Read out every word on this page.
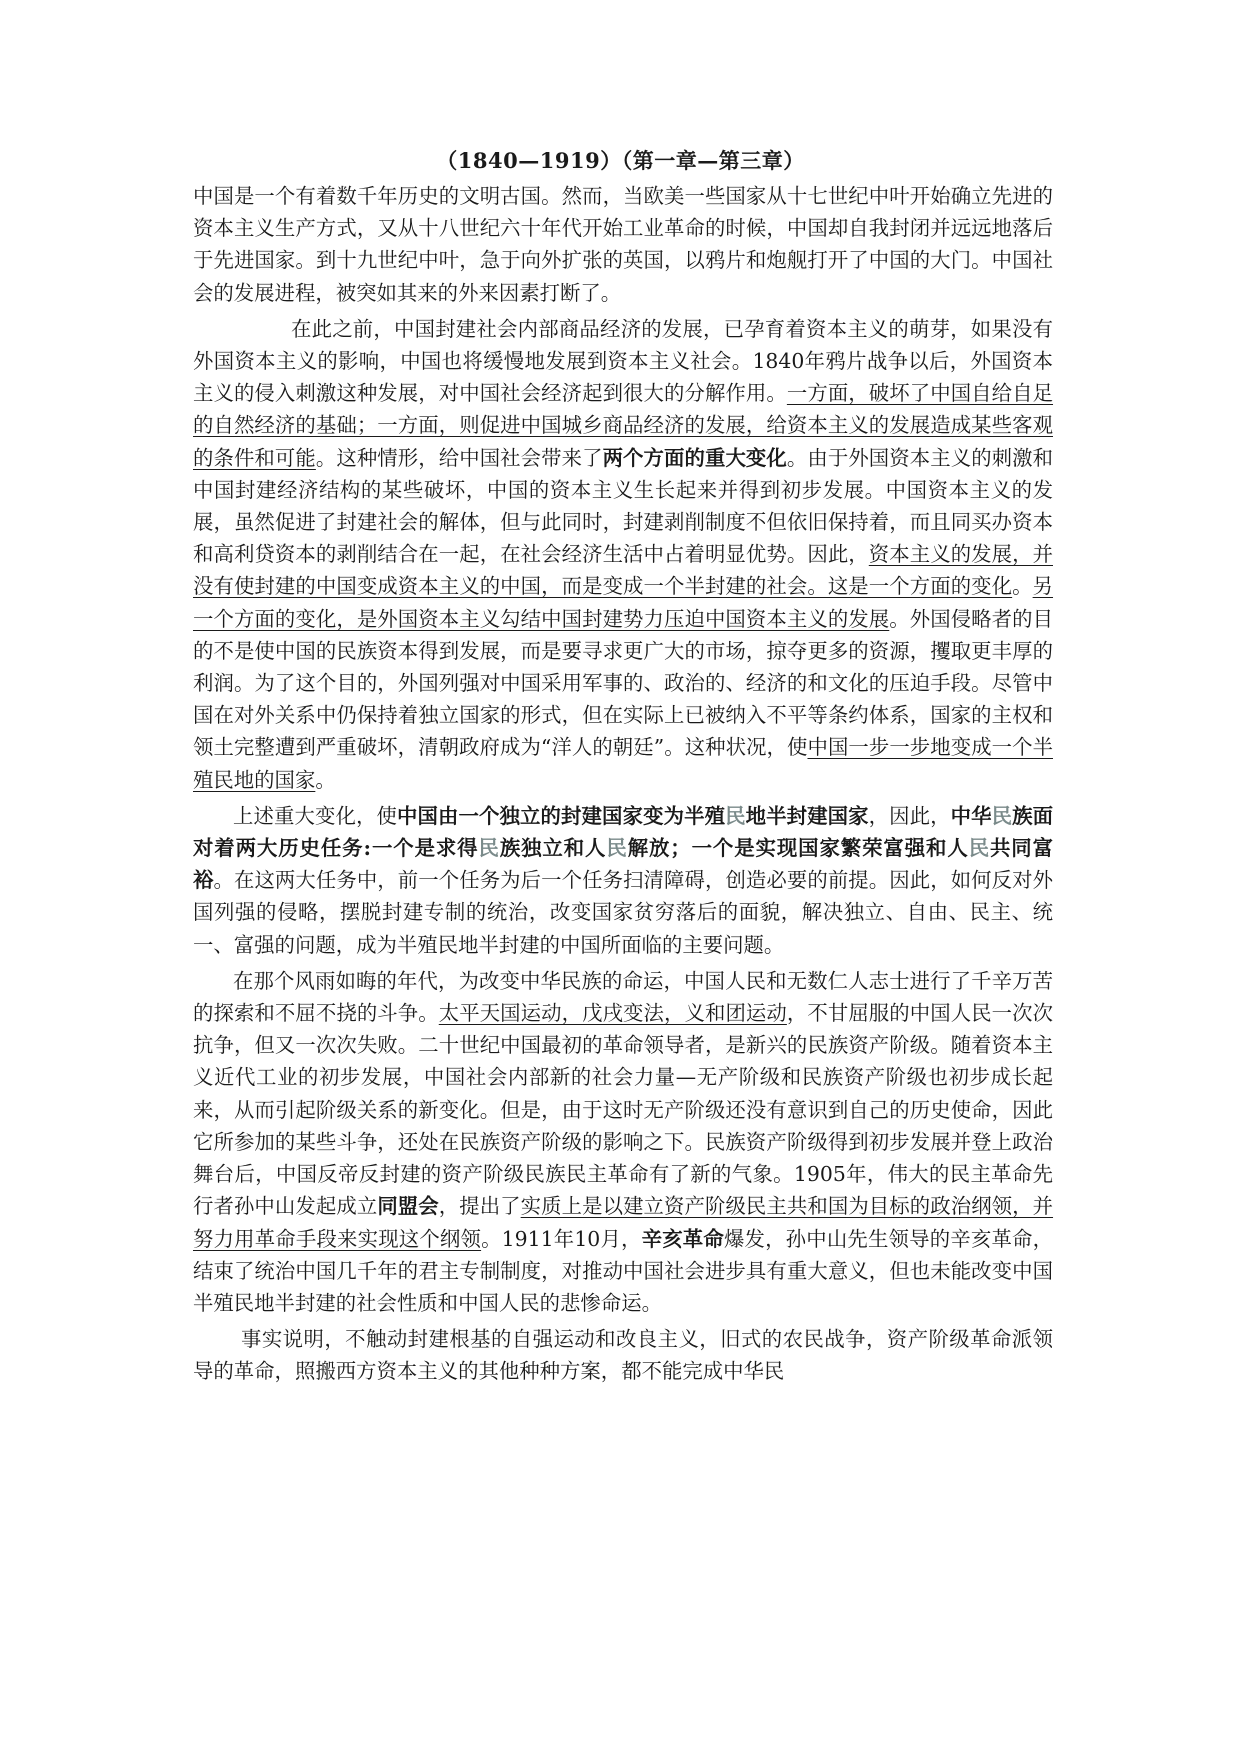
（1840—1919）（第一章—第三章）

中国是一个有着数千年历史的文明古国。然而，当欧美一些国家从十七世纪中叶开始确立先进的资本主义生产方式，又从十八世纪六十年代开始工业革命的时候，中国却自我封闭并远远地落后于先进国家。到十九世纪中叶，急于向外扩张的英国，以鸦片和炮舰打开了中国的大门。中国社会的发展进程，被突如其来的外来因素打断了。

在此之前，中国封建社会内部商品经济的发展，已孕育着资本主义的萌芽，如果没有外国资本主义的影响，中国也将缓慢地发展到资本主义社会。1840年鸦片战争以后，外国资本主义的侵入刺激这种发展，对中国社会经济起到很大的分解作用。一方面，破坏了中国自给自足的自然经济的基础；一方面，则促进中国城乡商品经济的发展，给资本主义的发展造成某些客观的条件和可能。这种情形，给中国社会带来了两个方面的重大变化。由于外国资本主义的刺激和中国封建经济结构的某些破坏，中国的资本主义生长起来并得到初步发展。中国资本主义的发展，虽然促进了封建社会的解体，但与此同时，封建剥削制度不但依旧保持着，而且同买办资本和高利贷资本的剥削结合在一起，在社会经济生活中占着明显优势。因此，资本主义的发展，并没有使封建的中国变成资本主义的中国，而是变成一个半封建的社会。这是一个方面的变化。另一个方面的变化，是外国资本主义勾结中国封建势力压迫中国资本主义的发展。外国侵略者的目的不是使中国的民族资本得到发展，而是要寻求更广大的市场，掠夺更多的资源，攫取更丰厚的利润。为了这个目的，外国列强对中国采用军事的、政治的、经济的和文化的压迫手段。尽管中国在对外关系中仍保持着独立国家的形式，但在实际上已被纳入不平等条约体系，国家的主权和领土完整遭到严重破坏，清朝政府成为“洋人的朝廷”。这种状况，使中国一步一步地变成一个半殖民地的国家。

上述重大变化，使中国由一个独立的封建国家变为半殖民地半封建国家，因此，中华民族面对着两大历史任务:一个是求得民族独立和人民解放；一个是实现国家繁荣富强和人民共同富裕。在这两大任务中，前一个任务为后一个任务扫清障碍，创造必要的前提。因此，如何反对外国列强的侵略，摆脱封建专制的统治，改变国家贫穷落后的面貌，解决独立、自由、民主、统一、富强的问题，成为半殖民地半封建的中国所面临的主要问题。

在那个风雨如晦的年代，为改变中华民族的命运，中国人民和无数仁人志士进行了千辛万苦的探索和不屈不挠的斗争。太平天国运动，戊戌变法，义和团运动，不甘屈服的中国人民一次次抗争，但又一次次失败。二十世纪中国最初的革命领导者，是新兴的民族资产阶级。随着资本主义近代工业的初步发展，中国社会内部新的社会力量—无产阶级和民族资产阶级也初步成长起来，从而引起阶级关系的新变化。但是，由于这时无产阶级还没有意识到自己的历史使命，因此它所参加的某些斗争，还处在民族资产阶级的影响之下。民族资产阶级得到初步发展并登上政治舞台后，中国反帝反封建的资产阶级民族民主革命有了新的气象。1905年，伟大的民主革命先行者孙中山发起成立同盟会，提出了实质上是以建立资产阶级民主共和国为目标的政治纲领，并努力用革命手段来实现这个纲领。1911年10月，辛亥革命爆发，孙中山先生领导的辛亥革命，结束了统治中国几千年的君主专制制度，对推动中国社会进步具有重大意义，但也未能改变中国半殖民地半封建的社会性质和中国人民的悲惨命运。

事实说明，不触动封建根基的自强运动和改良主义，旧式的农民战争，资产阶级革命派领导的革命，照搬西方资本主义的其他种种方案，都不能完成中华民
